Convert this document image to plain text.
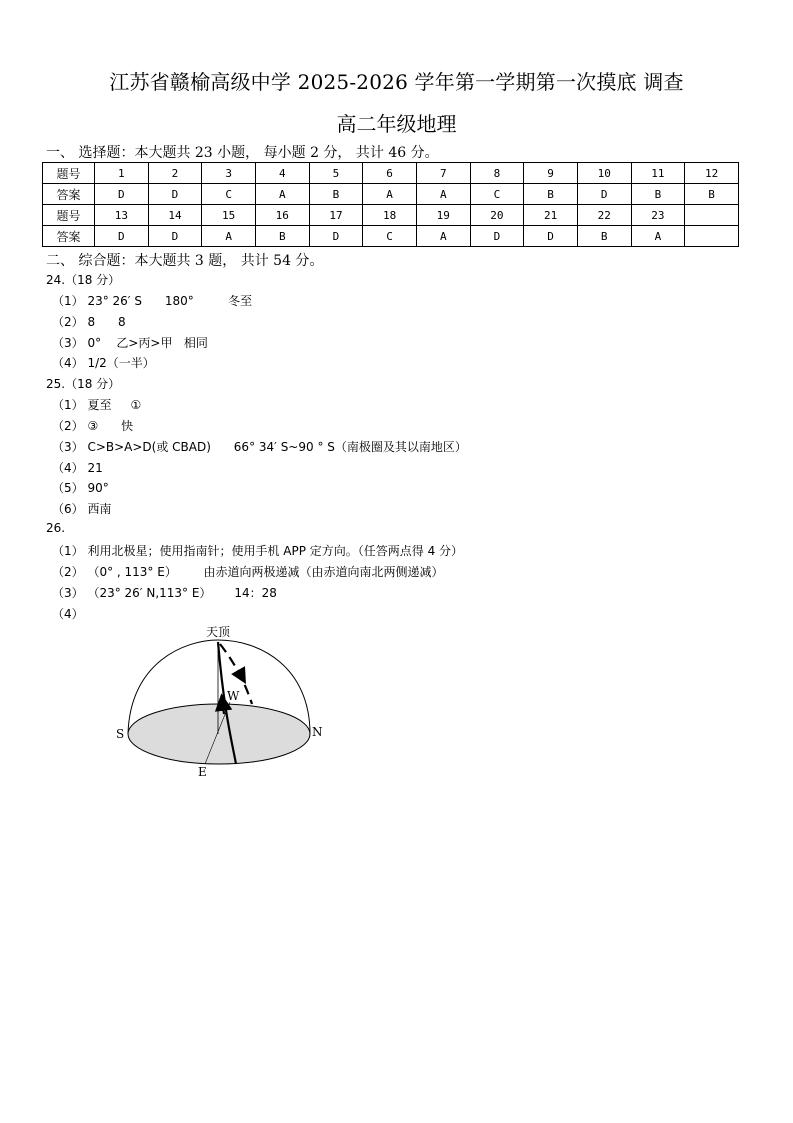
江苏省赣榆高级中学 2025-2026 学年第一学期第一次摸底 调查
高二年级地理
一、 选择题：本大题共 23 小题， 每小题 2 分， 共计 46 分。
题号	1	2	3	4	5	6	7	8	9	10	11	12
答案	D	D	C	A	B	A	A	C	B	D	B	B
题号	13	14	15	16	17	18	19	20	21	22	23	
答案	D	D	A	B	D	C	A	D	D	B	A	
二、 综合题：本大题共 3 题， 共计 54 分。
24.（18 分）
（1） 23° 26′ S      180°         冬至
（2） 8      8
（3） 0°    乙>丙>甲   相同
（4） 1/2（一半）
25.（18 分）
（1） 夏至     ①
（2） ③      快
（3） C>B>A>D(或 CBAD)      66° 34′ S~90 ° S（南极圈及其以南地区）
（4） 21
（5） 90°
（6） 西南
26.
（1） 利用北极星；使用指南针；使用手机 APP 定方向。（任答两点得 4 分）
（2） （0° , 113° E）       由赤道向两极递减（由赤道向南北两侧递减）
（3） （23° 26′ N,113° E）      14：28
（4）
天顶
W
S	N
E
